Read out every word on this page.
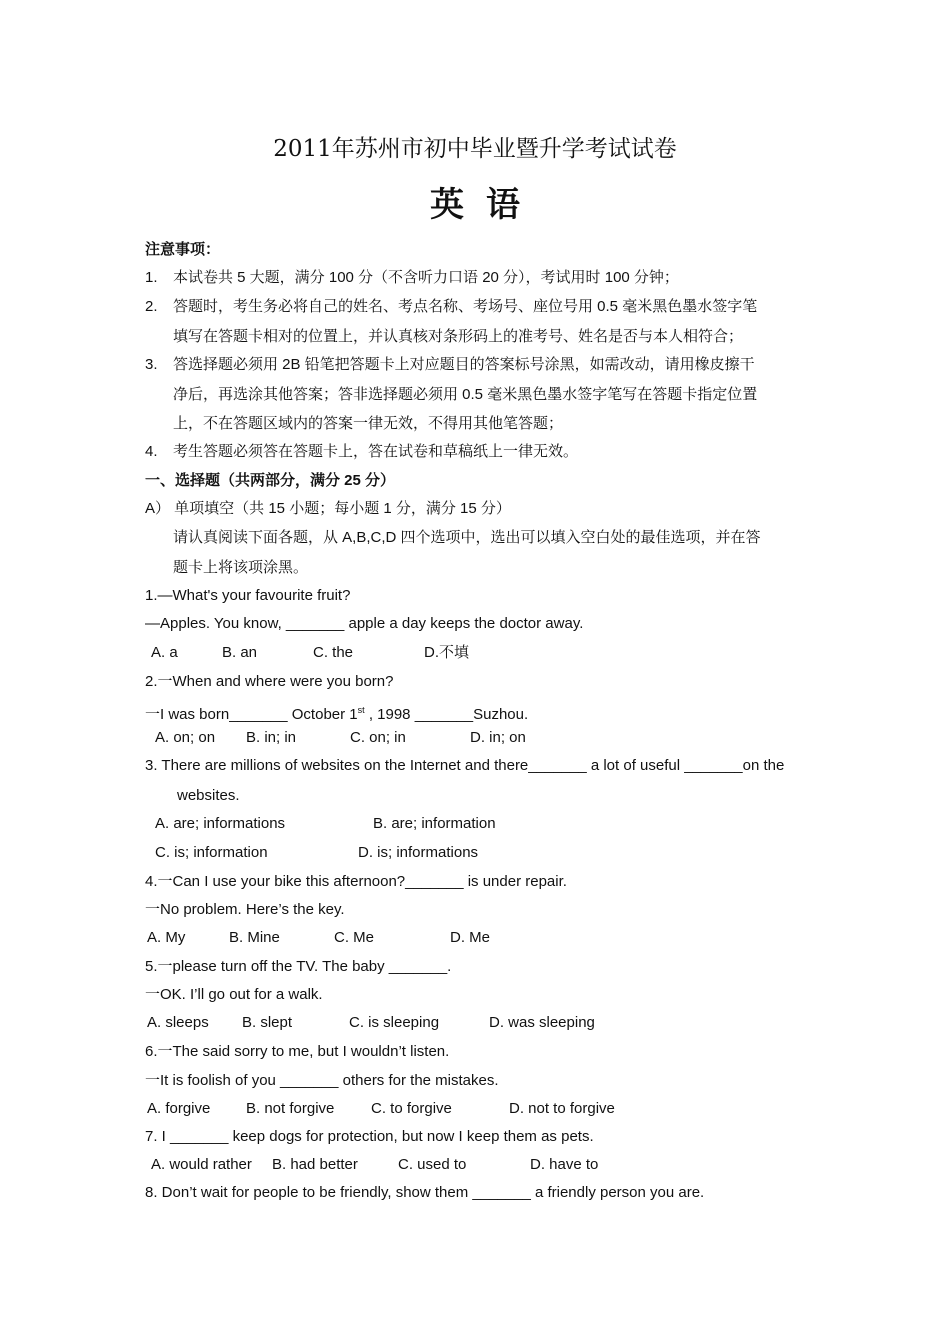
2011年苏州市初中毕业暨升学考试试卷
英语
注意事项：
1. 本试卷共 5 大题，满分 100 分（不含听力口语 20 分），考试用时 100 分钟；
2. 答题时，考生务必将自己的姓名、考点名称、考场号、座位号用 0.5 毫米黑色墨水签字笔
填写在答题卡相对的位置上，并认真核对条形码上的准考号、姓名是否与本人相符合；
3. 答选择题必须用 2B 铅笔把答题卡上对应题目的答案标号涂黑，如需改动，请用橡皮擦干
净后，再选涂其他答案；答非选择题必须用 0.5 毫米黑色墨水签字笔写在答题卡指定位置
上，不在答题区域内的答案一律无效，不得用其他笔答题；
4. 考生答题必须答在答题卡上，答在试卷和草稿纸上一律无效。
一、选择题（共两部分，满分 25 分）
A） 单项填空（共 15 小题；每小题 1 分，满分 15 分）
请认真阅读下面各题，从 A,B,C,D 四个选项中，选出可以填入空白处的最佳选项，并在答
题卡上将该项涂黑。
1.—What's your favourite fruit?
—Apples. You know, _______ apple a day keeps the doctor away.
A. a	B. an	C. the	D.不填
2.一When and where were you born?
一I was born_______ October 1st , 1998 _______Suzhou.
A. on; on B. in; in	C. on; in	D. in; on
3. There are millions of websites on the Internet and there_______ a lot of useful _______on the
websites.
A. are; informations	B. are; information
C. is; information	D. is; informations
4.一Can I use your bike this afternoon?_______ is under repair.
一No problem. Here’s the key.
A. My	B. Mine	C. Me	D. Me
5.一please turn off the TV. The baby _______.
一OK. I’ll go out for a walk.
A. sleeps B. slept	C. is sleeping	D. was sleeping
6.一The said sorry to me, but I wouldn’t listen.
一It is foolish of you _______ others for the mistakes.
A. forgive B. not forgive C. to forgive	D. not to forgive
7. I _______ keep dogs for protection, but now I keep them as pets.
A. would rather B. had better	C. used to	D. have to
8. Don’t wait for people to be friendly, show them _______ a friendly person you are.
